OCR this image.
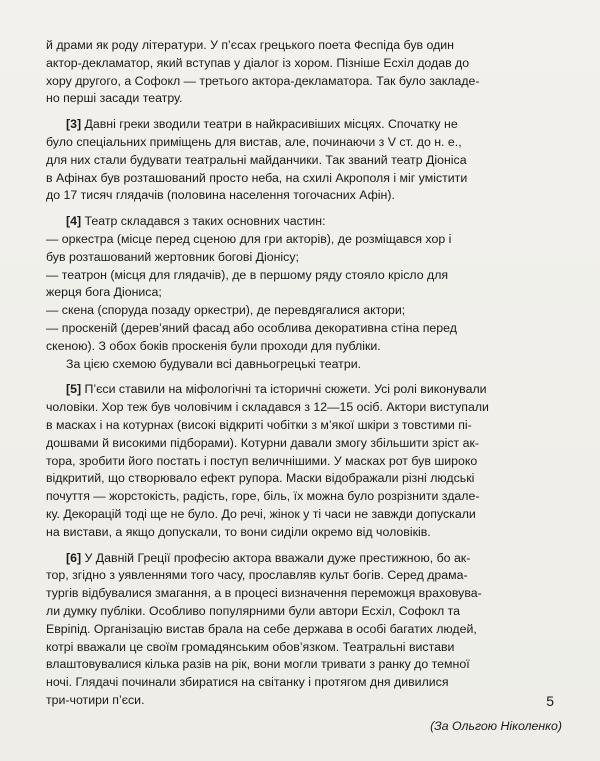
й драми як роду літератури. У п’єсах грецького поета Феспіда був один
актор-декламатор, який вступав у діалог із хором. Пізніше Есхіл додав до
хору другого, а Софокл — третього актора-декламатора. Так було закладе-
но перші засади театру.
[3] Давні греки зводили театри в найкрасивіших місцях. Спочатку не
було спеціальних приміщень для вистав, але, починаючи з V ст. до н. е.,
для них стали будувати театральні майданчики. Так званий театр Діоніса
в Афінах був розташований просто неба, на схилі Акрополя і міг умістити
до 17 тисяч глядачів (половина населення тогочасних Афін).
[4] Театр складався з таких основних частин:
— оркестра (місце перед сценою для гри акторів), де розміщався хор і
був розташований жертовник богові Діонісу;
— театрон (місця для глядачів), де в першому ряду стояло крісло для
жерця бога Діониса;
— скена (споруда позаду оркестри), де перевдягалися актори;
— проскеній (дерев’яний фасад або особлива декоративна стіна перед
скеною). З обох боків проскенія були проходи для публіки.
За цією схемою будували всі давньогрецькі театри.
[5] П’єси ставили на міфологічні та історичні сюжети. Усі ролі виконували
чоловіки. Хор теж був чоловічим і складався з 12—15 осіб. Актори виступали
в масках і на котурнах (високі відкриті чобітки з м’якої шкіри з товстими пі-
дошвами й високими підборами). Котурни давали змогу збільшити зріст ак-
тора, зробити його постать і поступ величнішими. У масках рот був широко
відкритий, що створювало ефект рупора. Маски відображали різні людські
почуття — жорстокість, радість, горе, біль, їх можна було розрізнити здале-
ку. Декорацій тоді ще не було. До речі, жінок у ті часи не завжди допускали
на вистави, а якщо допускали, то вони сиділи окремо від чоловіків.
[6] У Давній Греції професію актора вважали дуже престижною, бо ак-
тор, згідно з уявленнями того часу, прославляв культ богів. Серед драма-
тургів відбувалися змагання, а в процесі визначення переможця враховува-
ли думку публіки. Особливо популярними були автори Есхіл, Софокл та
Евріпід. Організацію вистав брала на себе держава в особі багатих людей,
котрі вважали це своїм громадянським обов’язком. Театральні вистави
влаштовувалися кілька разів на рік, вони могли тривати з ранку до темної
ночі. Глядачі починали збиратися на світанку і протягом дня дивилися
три-чотири п’єси.
(За Ольгою Ніколенко)
5
